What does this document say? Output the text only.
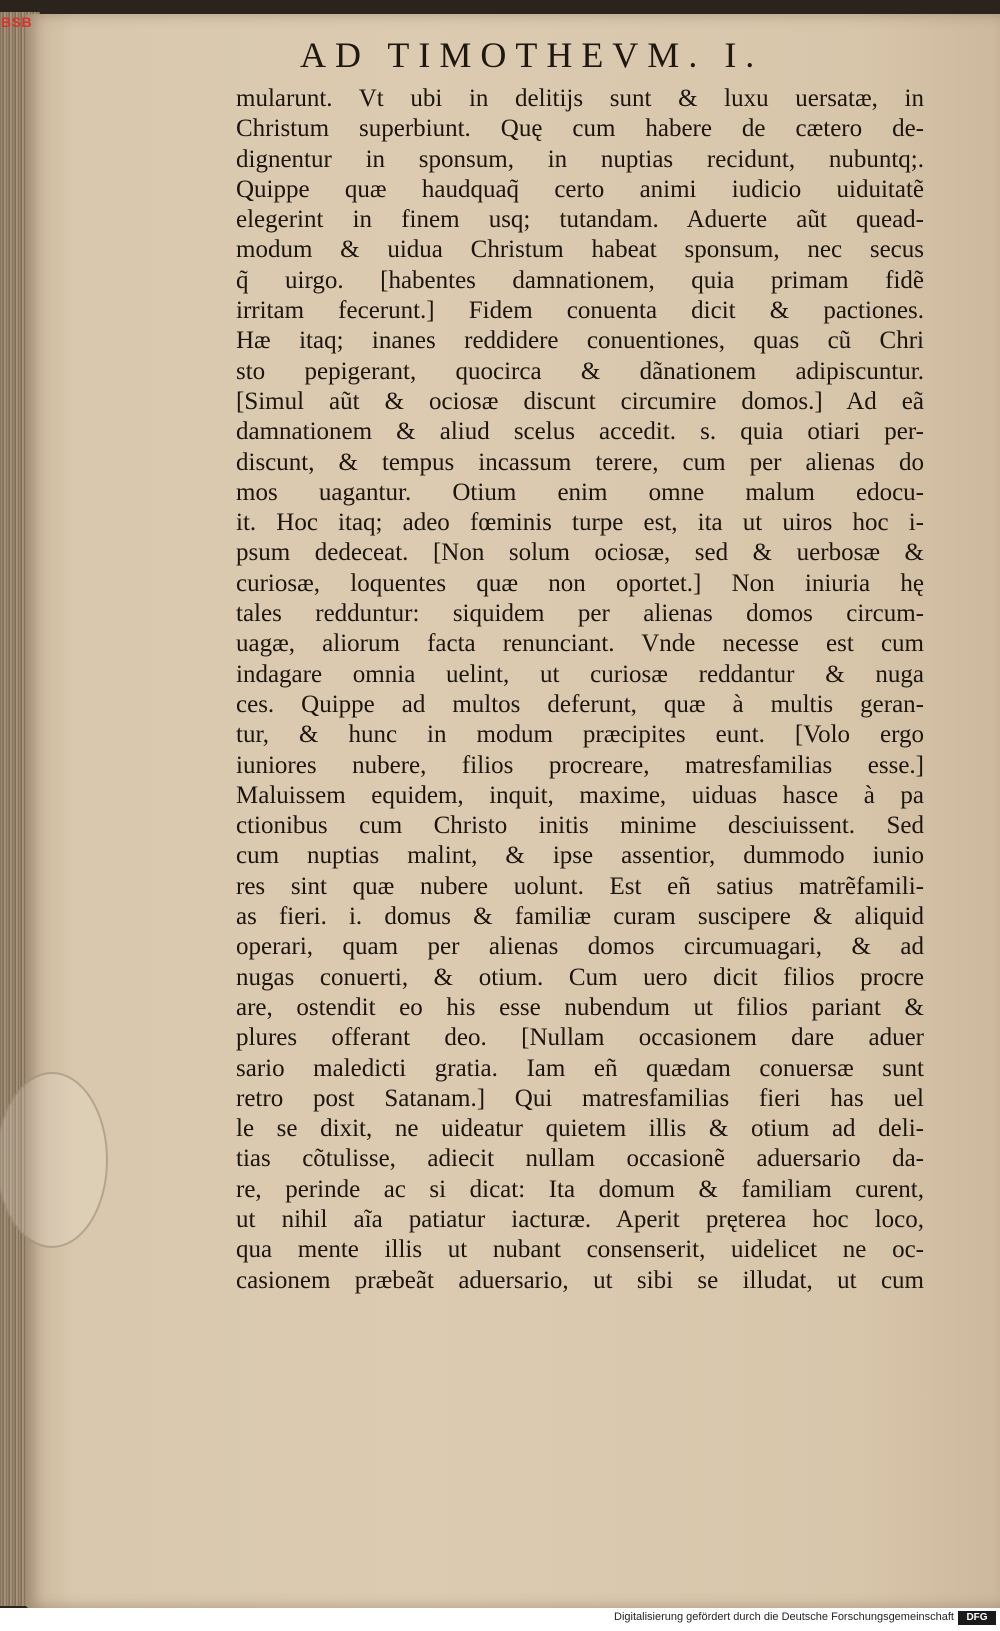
BSB
AD TIMOTHEVM. I.
mularunt. Vt ubi in delitijs sunt & luxu uersatæ, in
Christum superbiunt. Quę cum habere de cætero de-
dignentur in sponsum, in nuptias recidunt, nubuntq;.
Quippe quæ haudquaq̃ certo animi iudicio uiduitatẽ
elegerint in finem usq; tutandam. Aduerte aũt quead-
modum & uidua Christum habeat sponsum, nec secus
q̃ uirgo. [habentes damnationem, quia primam fidẽ
irritam fecerunt.] Fidem conuenta dicit & pactiones.
Hæ itaq; inanes reddidere conuentiones, quas cũ Chri
sto pepigerant, quocirca & dãnationem adipiscuntur.
[Simul aũt & ociosæ discunt circumire domos.] Ad eã
damnationem & aliud scelus accedit. s. quia otiari per-
discunt, & tempus incassum terere, cum per alienas do
mos uagantur. Otium enim omne malum edocu-
it. Hoc itaq; adeo fœminis turpe est, ita ut uiros hoc i-
psum dedeceat. [Non solum ociosæ, sed & uerbosæ &
curiosæ, loquentes quæ non oportet.] Non iniuria hę
tales redduntur: siquidem per alienas domos circum-
uagæ, aliorum facta renunciant. Vnde necesse est cum
indagare omnia uelint, ut curiosæ reddantur & nuga
ces. Quippe ad multos deferunt, quæ à multis geran-
tur, & hunc in modum præcipites eunt. [Volo ergo
iuniores nubere, filios procreare, matresfamilias esse.]
Maluissem equidem, inquit, maxime, uiduas hasce à pa
ctionibus cum Christo initis minime desciuissent. Sed
cum nuptias malint, & ipse assentior, dummodo iunio
res sint quæ nubere uolunt. Est eñ satius matrẽfamili-
as fieri. i. domus & familiæ curam suscipere & aliquid
operari, quam per alienas domos circumuagari, & ad
nugas conuerti, & otium. Cum uero dicit filios procre
are, ostendit eo his esse nubendum ut filios pariant &
plures offerant deo. [Nullam occasionem dare aduer
sario maledicti gratia. Iam eñ quædam conuersæ sunt
retro post Satanam.] Qui matresfamilias fieri has uel
le se dixit, ne uideatur quietem illis & otium ad deli-
tias cõtulisse, adiecit nullam occasionẽ aduersario da-
re, perinde ac si dicat: Ita domum & familiam curent,
ut nihil aĩa patiatur iacturæ. Aperit pręterea hoc loco,
qua mente illis ut nubant consenserit, uidelicet ne oc-
casionem præbeãt aduersario, ut sibi se illudat, ut cum
Digitalisierung gefördert durch die Deutsche Forschungsgemeinschaft	DFG
